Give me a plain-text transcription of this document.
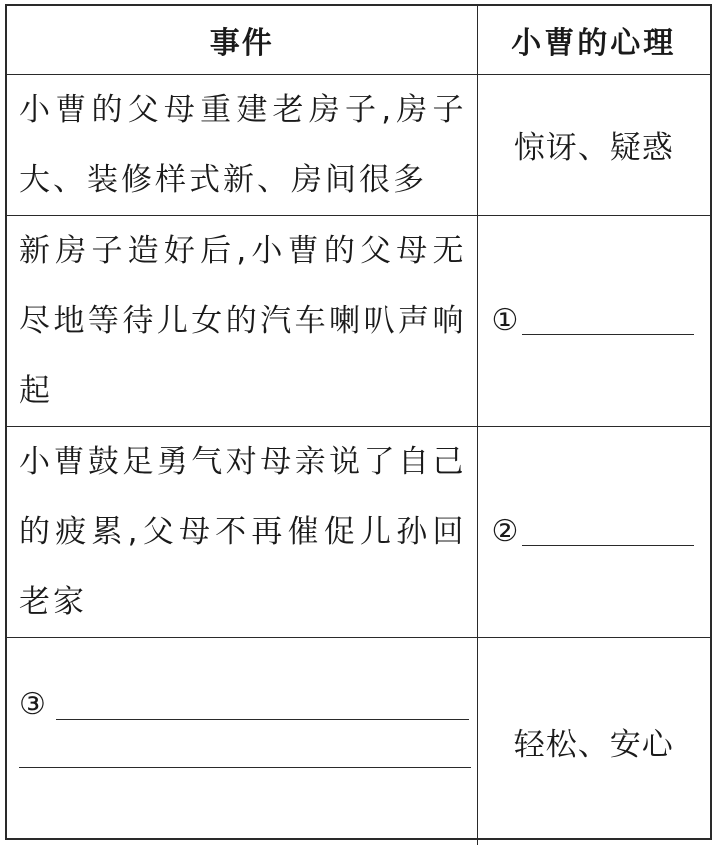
事件	小曹的心理
小曹的父母重建老房子,房子大、装修样式新、房间很多	惊讶、疑惑
新房子造好后,小曹的父母无尽地等待儿女的汽车喇叭声响起	①

小曹鼓足勇气对母亲说了自己的疲累,父母不再催促儿孙回老家	②

③	轻松、安心
